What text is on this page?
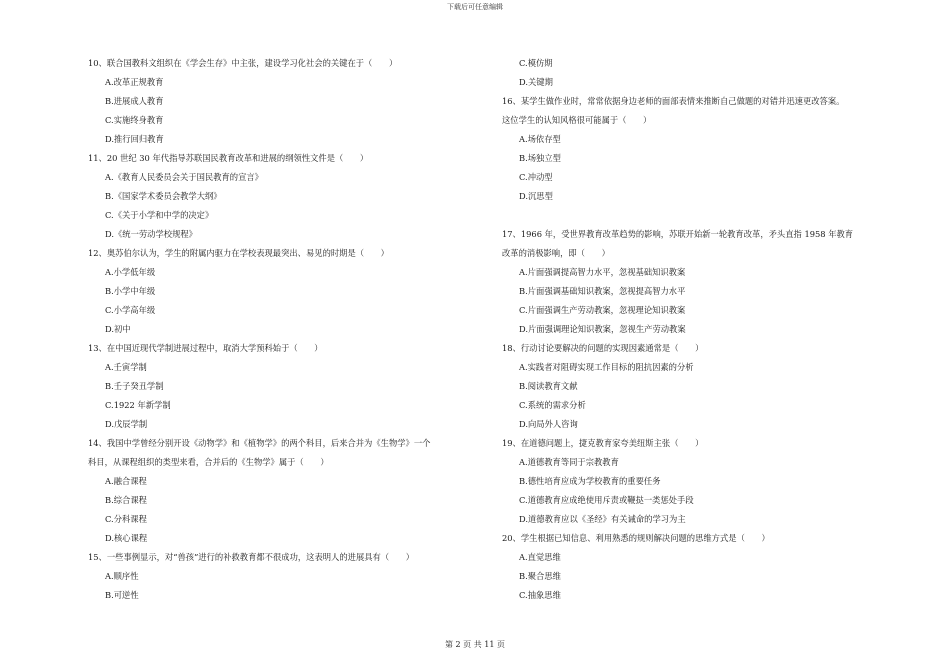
下载后可任意编辑
10、联合国教科文组织在《学会生存》中主张，建设学习化社会的关键在于（　　）
A.改革正规教育
B.进展成人教育
C.实施终身教育
D.推行回归教育
11、20 世纪 30 年代指导苏联国民教育改革和进展的纲领性文件是（　　）
A.《教育人民委员会关于国民教育的宣言》
B.《国家学术委员会教学大纲》
C.《关于小学和中学的决定》
D.《统一劳动学校规程》
12、奥苏伯尔认为，学生的附属内驱力在学校表现最突出、易见的时期是（　　）
A.小学低年级
B.小学中年级
C.小学高年级
D.初中
13、在中国近现代学制进展过程中，取消大学预科始于（　　）
A.壬寅学制
B.壬子癸丑学制
C.1922 年新学制
D.戊辰学制
14、我国中学曾经分别开设《动物学》和《植物学》的两个科目，后来合并为《生物学》一个
科目，从课程组织的类型来看，合并后的《生物学》属于（　　）
A.融合课程
B.综合课程
C.分科课程
D.核心课程
15、一些事例显示，对“兽孩”进行的补救教育都不很成功，这表明人的进展具有（　　）
A.顺序性
B.可逆性
C.模仿期
D.关键期
16、某学生做作业时，常常依据身边老师的面部表情来推断自己做题的对错并迅速更改答案。
这位学生的认知风格很可能属于（　　）
A.场依存型
B.场独立型
C.冲动型
D.沉思型
17、1966 年，受世界教育改革趋势的影响，苏联开始新一轮教育改革，矛头直指 1958 年教育
改革的消极影响，即（　　）
A.片面强调提高智力水平，忽视基础知识教案
B.片面强调基础知识教案，忽视提高智力水平
C.片面强调生产劳动教案，忽视理论知识教案
D.片面强调理论知识教案，忽视生产劳动教案
18、行动讨论要解决的问题的实现因素通常是（　　）
A.实践者对阻碍实现工作目标的阻抗因素的分析
B.阅读教育文献
C.系统的需求分析
D.向局外人咨询
19、在道德问题上，捷克教育家夸美纽斯主张（　　）
A.道德教育等同于宗教教育
B.德性培育应成为学校教育的重要任务
C.道德教育应成绝使用斥责或鞭挞一类惩处手段
D.道德教育应以《圣经》有关诫命的学习为主
20、学生根据已知信息、利用熟悉的规则解决问题的思维方式是（　　）
A.直觉思维
B.聚合思维
C.抽象思维
第 2 页 共 11 页
